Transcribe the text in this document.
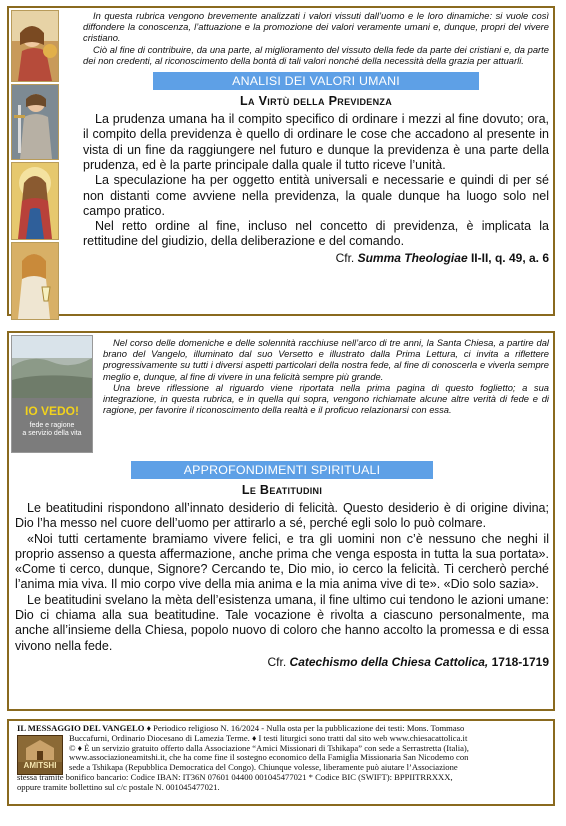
In questa rubrica vengono brevemente analizzati i valori vissuti dall’uomo e le loro dinamiche: si vuole così diffondere la conoscenza, l’attuazione e la promozione dei valori veramente umani e, dunque, propri del vivere cristiano.

Ciò al fine di contribuire, da una parte, al miglioramento del vissuto della fede da parte dei cristiani e, da parte dei non credenti, al riconoscimento della bontà di tali valori nonché della necessità della grazia per attuarli.

ANALISI DEI VALORI UMANI
La Virtù della Previdenza

La prudenza umana ha il compito specifico di ordinare i mezzi al fine dovuto; ora, il compito della previdenza è quello di ordinare le cose che accadono al presente in vista di un fine da raggiungere nel futuro e dunque la previdenza è una parte della prudenza, ed è la parte principale dalla quale il tutto riceve l’unità.

La speculazione ha per oggetto entità universali e necessarie e quindi di per sé non distanti come avviene nella previdenza, la quale dunque ha luogo solo nel campo pratico.

Nel retto ordine al fine, incluso nel concetto di previdenza, è implicata la rettitudine del giudizio, della deliberazione e del comando.

Cfr. Summa Theologiae II-II, q. 49, a. 6
IO VEDO!
fede e ragione
a servizio della vita

Nel corso delle domeniche e delle solennità racchiuse nell’arco di tre anni, la Santa Chiesa, a partire dal brano del Vangelo, illuminato dal suo Versetto e illustrato dalla Prima Lettura, ci invita a riflettere progressivamente su tutti i diversi aspetti particolari della nostra fede, al fine di conoscerla e viverla sempre meglio e, dunque, al fine di vivere in una felicità sempre più grande.

Una breve riflessione al riguardo viene riportata nella prima pagina di questo foglietto; a sua integrazione, in questa rubrica, e in quella qui sopra, vengono richiamate alcune altre verità di fede e di ragione, per favorire il riconoscimento della realtà e il proficuo relazionarsi con essa.

APPROFONDIMENTI SPIRITUALI
Le Beatitudini

Le beatitudini rispondono all’innato desiderio di felicità. Questo desiderio è di origine divina; Dio l’ha messo nel cuore dell’uomo per attirarlo a sé, perché egli solo lo può colmare.

«Noi tutti certamente bramiamo vivere felici, e tra gli uomini non c’è nessuno che neghi il proprio assenso a questa affermazione, anche prima che venga esposta in tutta la sua portata». «Come ti cerco, dunque, Signore? Cercando te, Dio mio, io cerco la felicità. Ti cercherò perché l’anima mia viva. Il mio corpo vive della mia anima e la mia anima vive di te». «Dio solo sazia».

Le beatitudini svelano la mèta dell’esistenza umana, il fine ultimo cui tendono le azioni umane: Dio ci chiama alla sua beatitudine. Tale vocazione è rivolta a ciascuno personalmente, ma anche all’insieme della Chiesa, popolo nuovo di coloro che hanno accolto la promessa e di essa vivono nella fede.

Cfr. Catechismo della Chiesa Cattolica, 1718-1719
AMITSHI
IL MESSAGGIO DEL VANGELO ♦ Periodico religioso N. 16/2024 - Nulla osta per la pubblicazione dei testi: Mons. Tommaso
Buccafurni, Ordinario Diocesano di Lamezia Terme. ♦ I testi liturgici sono tratti dal sito web www.chiesacattolica.it
© ♦ È un servizio gratuito offerto dalla Associazione “Amici Missionari di Tshikapa” con sede a Serrastretta (Italia),
www.associazioneamitshi.it, che ha come fine il sostegno economico della Famiglia Missionaria San Nicodemo con
sede a Tshikapa (Repubblica Democratica del Congo). Chiunque volesse, liberamente può aiutare l’Associazione
stessa tramite bonifico bancario: Codice IBAN: IT36N 07601 04400 001045477021 * Codice BIC (SWIFT): BPPIITRRXXX,
oppure tramite bollettino sul c/c postale N. 001045477021.
